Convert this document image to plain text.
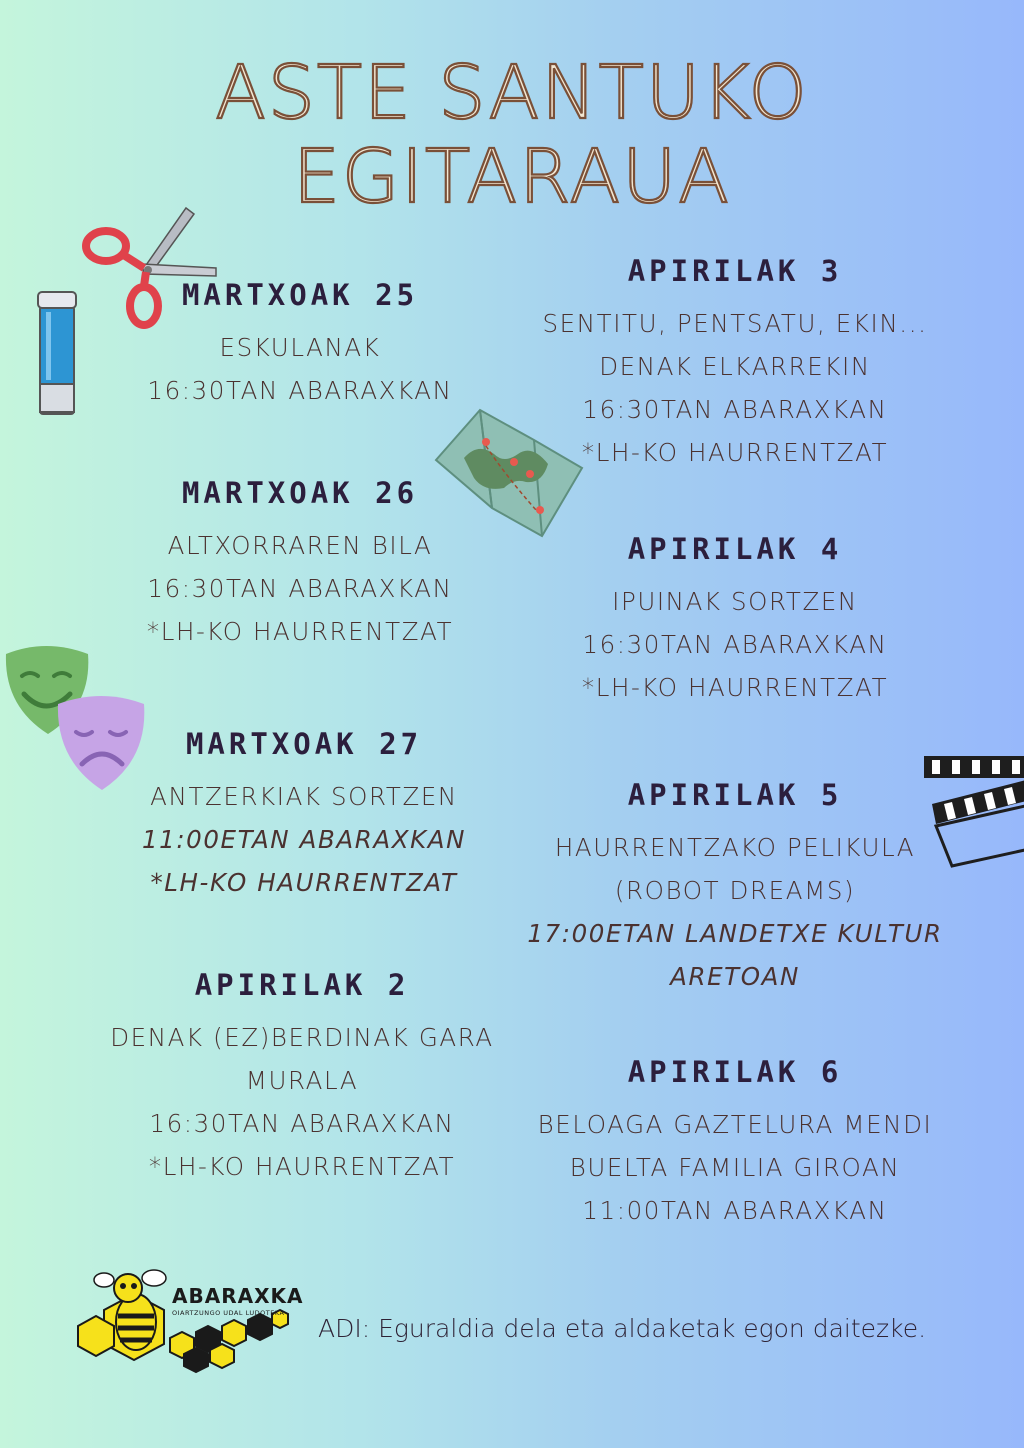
ASTE SANTUKO
EGITARAUA
MARTXOAK 25
ESKULANAK
16:30TAN ABARAXKAN
MARTXOAK 26
ALTXORRAREN BILA
16:30TAN ABARAXKAN
*LH-KO HAURRENTZAT
MARTXOAK 27
ANTZERKIAK SORTZEN
11:00ETAN ABARAXKAN
*LH-KO HAURRENTZAT
APIRILAK 2
DENAK (EZ)BERDINAK GARA
MURALA
16:30TAN ABARAXKAN
*LH-KO HAURRENTZAT
APIRILAK 3
SENTITU, PENTSATU, EKIN...
DENAK ELKARREKIN
16:30TAN ABARAXKAN
*LH-KO HAURRENTZAT
APIRILAK 4
IPUINAK SORTZEN
16:30TAN ABARAXKAN
*LH-KO HAURRENTZAT
APIRILAK 5
HAURRENTZAKO PELIKULA
(ROBOT DREAMS)
17:00ETAN LANDETXE KULTUR
ARETOAN
APIRILAK 6
BELOAGA GAZTELURA MENDI
BUELTA FAMILIA GIROAN
11:00TAN ABARAXKAN
ABARAXKA
OIARTZUNGO UDAL LUDOTEKA
ADI: Eguraldia dela eta aldaketak egon daitezke.
